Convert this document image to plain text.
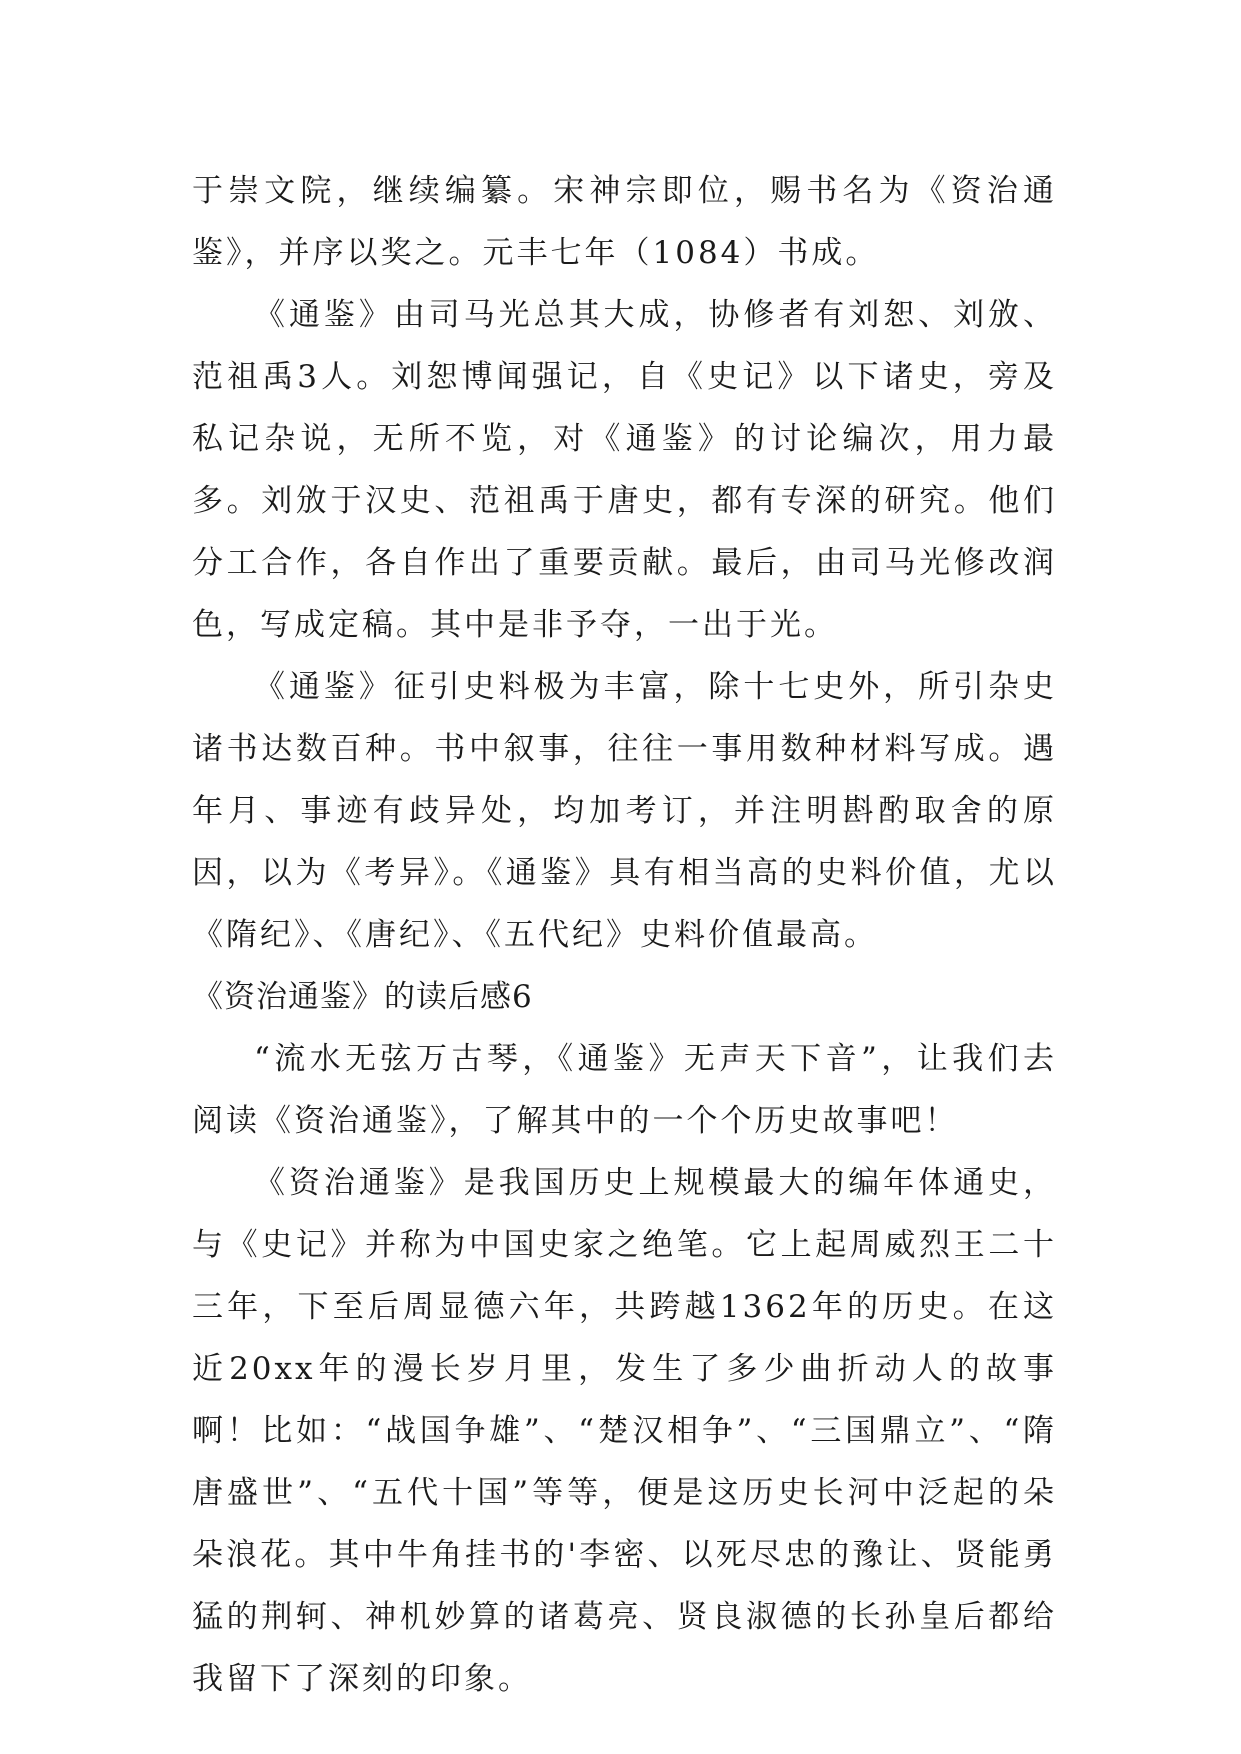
于崇文院，继续编纂。宋神宗即位，赐书名为《资治通鉴》，并序以奖之。元丰七年（1084）书成。

《通鉴》由司马光总其大成，协修者有刘恕、刘攽、范祖禹3人。刘恕博闻强记，自《史记》以下诸史，旁及私记杂说，无所不览，对《通鉴》的讨论编次，用力最多。刘攽于汉史、范祖禹于唐史，都有专深的研究。他们分工合作，各自作出了重要贡献。最后，由司马光修改润色，写成定稿。其中是非予夺，一出于光。

《通鉴》征引史料极为丰富，除十七史外，所引杂史诸书达数百种。书中叙事，往往一事用数种材料写成。遇年月、事迹有歧异处，均加考订，并注明斟酌取舍的原因，以为《考异》。《通鉴》具有相当高的史料价值，尤以《隋纪》、《唐纪》、《五代纪》史料价值最高。

《资治通鉴》的读后感6

“流水无弦万古琴，《通鉴》无声天下音”，让我们去阅读《资治通鉴》，了解其中的一个个历史故事吧！

《资治通鉴》是我国历史上规模最大的编年体通史，与《史记》并称为中国史家之绝笔。它上起周威烈王二十三年，下至后周显德六年，共跨越1362年的历史。在这近20xx年的漫长岁月里，发生了多少曲折动人的故事啊！比如：“战国争雄”、“楚汉相争”、“三国鼎立”、“隋唐盛世”、“五代十国”等等，便是这历史长河中泛起的朵朵浪花。其中牛角挂书的'李密、以死尽忠的豫让、贤能勇猛的荆轲、神机妙算的诸葛亮、贤良淑德的长孙皇后都给我留下了深刻的印象。
